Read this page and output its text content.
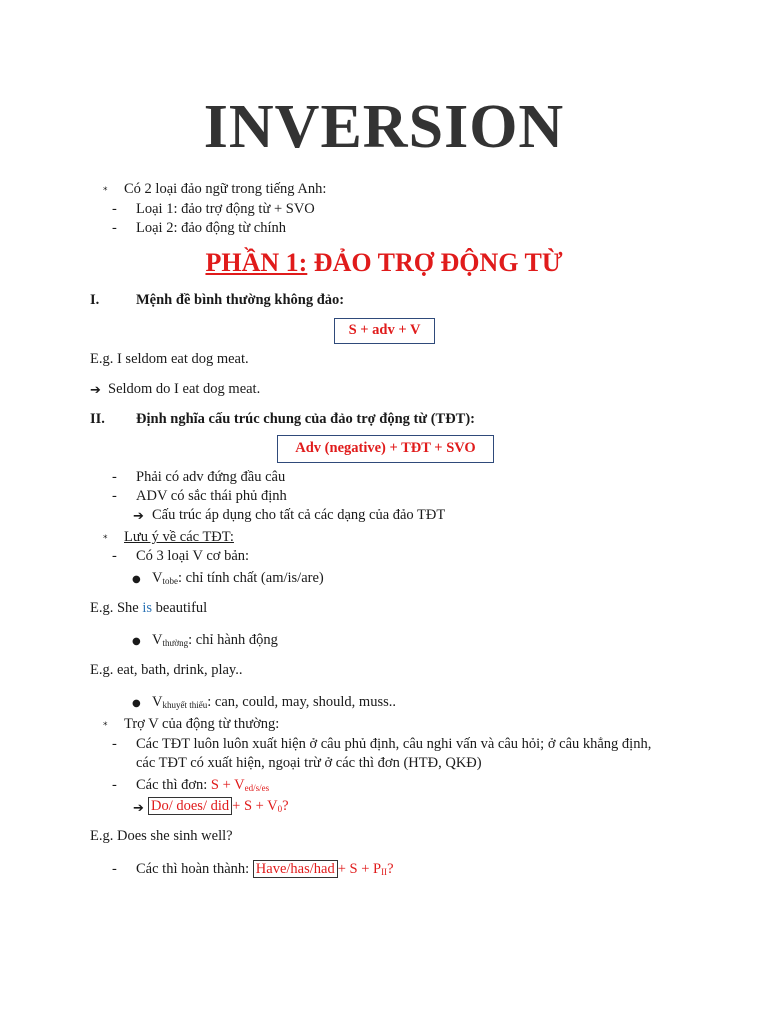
INVERSION
* Có 2 loại đảo ngữ trong tiếng Anh:
- Loại 1: đảo trợ động từ + SVO
- Loại 2: đảo động từ chính
PHẦN 1: ĐẢO TRỢ ĐỘNG TỪ
I.	Mệnh đề bình thường không đảo:
S + adv + V
E.g. I seldom eat dog meat.
➔ Seldom do I eat dog meat.
II. Định nghĩa cấu trúc chung của đảo trợ động từ (TĐT):
Adv (negative) + TĐT + SVO
- Phải có adv đứng đầu câu
- ADV có sắc thái phủ định
➔ Cấu trúc áp dụng cho tất cả các dạng của đảo TĐT
* Lưu ý về các TĐT:
- Có 3 loại V cơ bản:
● $V_{tobe}$: chỉ tính chất (am/is/are)
E.g. She is beautiful
● $V_{thường}$: chỉ hành động
E.g. eat, bath, drink, play..
● $V_{khuyết thiếu}$: can, could, may, should, muss..
* Trợ V của động từ thường:
- Các TĐT luôn luôn xuất hiện ở câu phủ định, câu nghi vấn và câu hỏi; ở câu khẳng định,
các TĐT có xuất hiện, ngoại trừ ở các thì đơn (HTĐ, QKĐ)
- Các thì đơn: $S + V_{ed/s/es}$
➔ Do/ does/ did + $S + V_0$?
E.g. Does she sinh well?
- Các thì hoàn thành: Have/has/had + $S + P_{II}$?
